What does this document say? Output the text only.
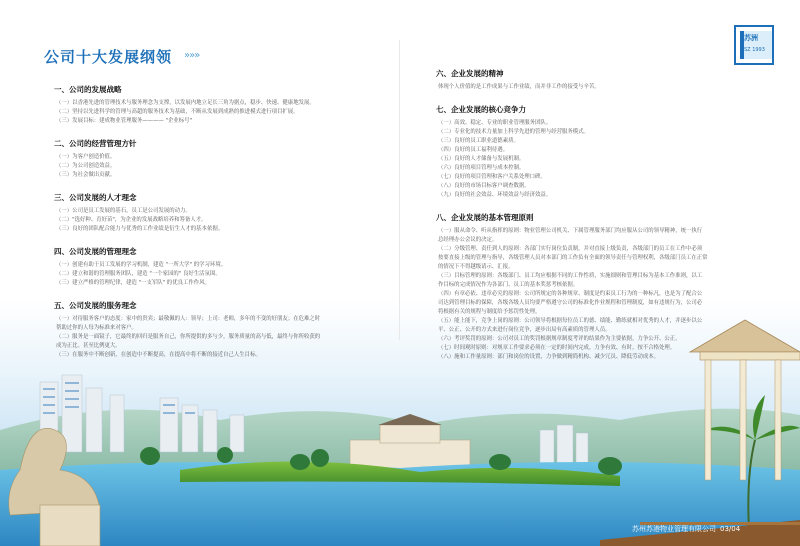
公司十大发展纲领 »»»
苏洲
SZ 1993
一、公司的发展战略
（一）以香港先进的管理技术与服务理念为支撑，以发展内地立足长三角为据点，稳步、快速、健康地发展。
（二）坚持以先进科学的管理与高超的服务技术为基础，不断从发展到成熟的推进模式进行项目扩展。
（三）发展目标：建成物业管理服务———— "企业标号"
二、公司的经营管理方针
（一）为客户创造价值。
（二）为公司创造效益。
（三）为社会做出贡献。
三、公司发展的人才理念
（一）公司是员工发展的基石，员工是公司发展的动力。
（二）"选好种、育好苗"，为企业的发展战略培养和筹备人才。
（三）良好的团队配合能力与优秀的工作业绩是衍生人才的基本依据。
四、公司发展的管理理念
（一）创建有助于员工发展的学习机制，建造 "一所大学" 的学习环境。
（二）建立和谐的管理服务团队，建造 "一个家园的" 良好生活氛围。
（三）建立严格的管理纪律，建造 "一支军队" 的优良工作作风。
五、公司发展的服务理念
（一）对待服务客户的态度：家中的贵宾；最敬佩的人：领导；上司：老师，多年的不变的好朋友；在危难之时
帮助过你的人每为标准来对客户。
（二）服务是一面镜子，它最终的回归是服务自己，你所提供的多与少，服务质量的高与低，最终与你所收获的
成为正比。甚至比例更大。
（三）在服务中不断创新，在创造中不断提高，在提高中将不断的接近自己人生目标。
六、企业发展的精神
体现个人价值的是工作成果与工作业绩，而并非工作的接受与辛苦。
七、企业发展的核心竞争力
（一）高效、稳定、专业的职业管理服务团队。
（二）专业化的技术力量加上科学先进的管理与经营服务模式。
（三）良好的员工职业道德素质。
（四）良好的员工福利待遇。
（五）良好的人才储备与发展机制。
（六）良好的项目管理与成本控制。
（七）良好的项目管理和客户关系处理口碑。
（八）良好的市场目标客户调查数据。
（九）良好的社会效益、环境效益与经济效益。
八、企业发展的基本管理原则
（一）服从命令、听从指挥的原则：物业管理公司机关、下属管理服务部门均应服从公司的领导精神，统一执行
总经理办公会议的决定。
（二）分级管理、责任到人的原则：各部门实行岗位负责制，并对直接上级负责，各级部门的员工在工作中必须
按要直接上级的管理与指导，各级管理人员对本部门的工作负有全面的领导责任与管理权利，各级部门员工在正常
的情况下不得越级请示、汇报。
（三）目标管理的原则：各级部门、员工均应根据不同的工作性质，实施细则和管理目标为基本工作准则，以工
作目标的完成情况作为各部门、员工的基本奖惩考核依据。
（四）有章必依、违章必究的原则：公司所规定的各种规章、制度是约束员工行为的一种标凡，也是为了配合公
司达到管理目标的保障，各级各级人员均要严格遵守公司的标准化作业规程和管理制度，如有违规行为，公司必
将根据有关的规程与制度给予惩罚性处理。
（五）能上能下，竞争上岗的原则：公司领导将根据每位员工的德、绩能、勤练就相对优秀的人才，并逐步以公
平、公正、公开的方式来进行岗位竞争，逐步出局有高素质的管理人员。
（六）考评奖罚的原则：公司对员工的奖罚根据规章制度考评的结果作为主要依据，力争公开、公正。
（七）时间观时原则：对规章工作要求必须在一定的时间内完成，力争有效、有时，按不合格处理。
（八）施和工作量原则：部门和岗位的设置，力争做到精简机构、减少冗员、降低劳动成本。
苏州苏港物业管理有限公司 03/04
